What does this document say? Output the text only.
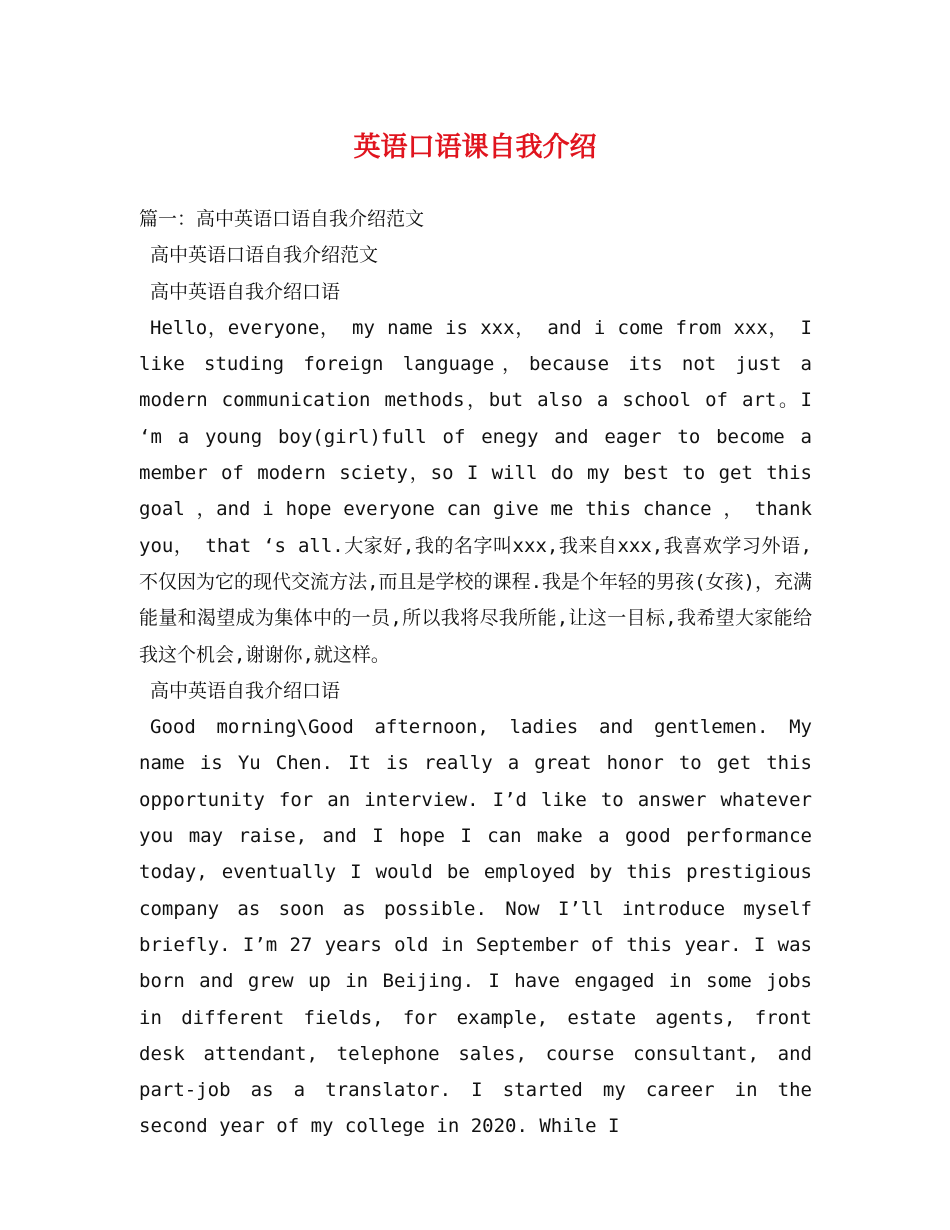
英语口语课自我介绍
篇一：高中英语口语自我介绍范文
高中英语口语自我介绍范文
高中英语自我介绍口语
Hello，everyone， my name is xxx， and i come from xxx， I like studing foreign language，because its not just a modern communication methods，but also a school of art。I ‘m a young boy(girl)full of enegy and eager to become a member of modern sciety，so I will do my best to get this goal ，and i hope everyone can give me this chance ， thank you， that ‘s all.大家好,我的名字叫xxx,我来自xxx,我喜欢学习外语,不仅因为它的现代交流方法,而且是学校的课程.我是个年轻的男孩(女孩)，充满能量和渴望成为集体中的一员,所以我将尽我所能,让这一目标,我希望大家能给我这个机会,谢谢你,就这样。
高中英语自我介绍口语
Good morning\Good afternoon, ladies and gentlemen. My name is Yu Chen. It is really a great honor to get this opportunity for an interview. I’d like to answer whatever you may raise, and I hope I can make a good performance today, eventually I would be employed by this prestigious company as soon as possible. Now I’ll introduce myself briefly. I’m 27 years old in September of this year. I was born and grew up in Beijing. I have engaged in some jobs in different fields, for example, estate agents, front desk attendant, telephone sales, course consultant, and part-job as a translator. I started my career in the second year of my college in 2020. While I
